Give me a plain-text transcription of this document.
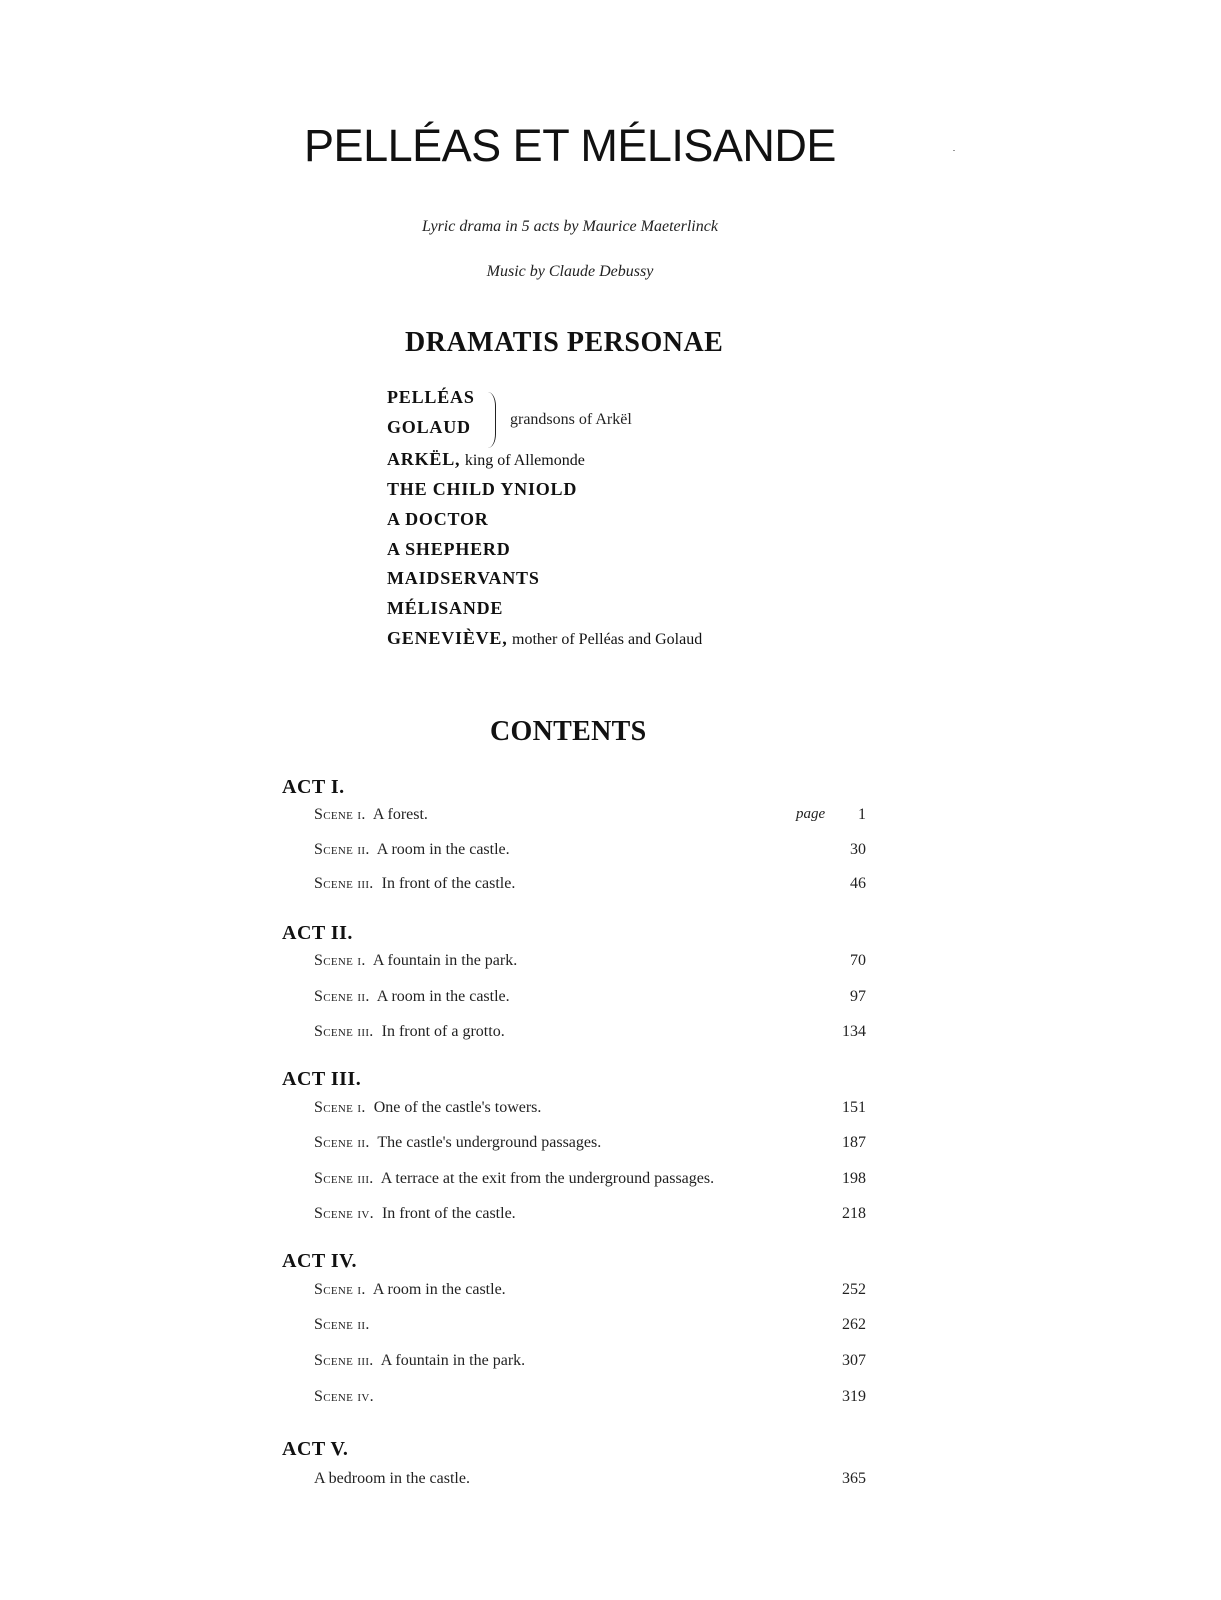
PELLÉAS ET MÉLISANDE
Lyric drama in 5 acts by Maurice Maeterlinck
Music by Claude Debussy
DRAMATIS PERSONAE
PELLÉAS
GOLAUD grandsons of Arkël
ARKËL, king of Allemonde
THE CHILD YNIOLD
A DOCTOR
A SHEPHERD
MAIDSERVANTS
MÉLISANDE
GENEVIÈVE, mother of Pelléas and Golaud
CONTENTS
page
ACT I.
Scene i. A forest.	1
Scene ii. A room in the castle.	30
Scene iii. In front of the castle.	46
ACT II.
Scene i. A fountain in the park.	70
Scene ii. A room in the castle.	97
Scene iii. In front of a grotto.	134
ACT III.
Scene i. One of the castle's towers.	151
Scene ii. The castle's underground passages.	187
Scene iii. A terrace at the exit from the underground passages.	198
Scene iv. In front of the castle.	218
ACT IV.
Scene i. A room in the castle.	252
Scene ii.	262
Scene iii. A fountain in the park.	307
Scene iv.	319
ACT V.
A bedroom in the castle.	365
